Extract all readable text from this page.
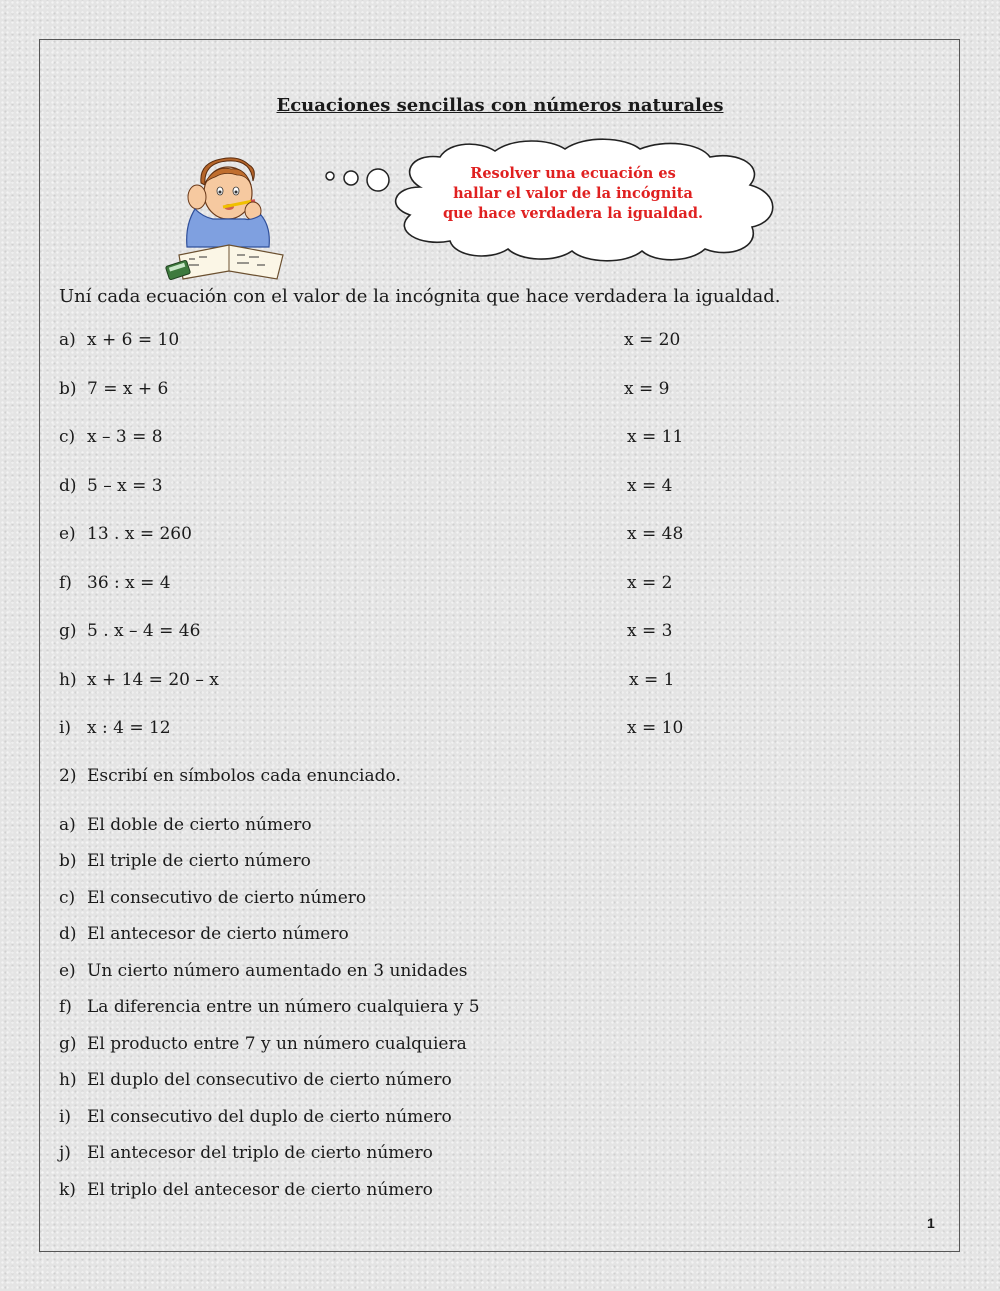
Ecuaciones sencillas con números naturales
Resolver una ecuación es
hallar el valor de la incógnita
que hace verdadera la igualdad.
Uní cada ecuación con el valor de la incógnita que hace verdadera la igualdad.
a) x + 6 = 10
b) 7 = x + 6
c) x – 3 = 8
d) 5 – x = 3
e) 13 . x = 260
f) 36 : x = 4
g) 5 . x – 4 = 46
h) x + 14 = 20 – x
i) x : 4 = 12
x = 20
x = 9
x = 11
x = 4
x = 48
x = 2
x = 3
x = 1
x = 10
2) Escribí en símbolos cada enunciado.
a) El doble de cierto número
b) El triple de cierto número
c) El consecutivo de cierto número
d) El antecesor de cierto número
e) Un cierto número aumentado en 3 unidades
f) La diferencia entre un número cualquiera y 5
g) El producto entre 7 y un número cualquiera
h) El duplo del consecutivo de cierto número
i) El consecutivo del duplo de cierto número
j) El antecesor del triplo de cierto número
k) El triplo del antecesor de cierto número
1
